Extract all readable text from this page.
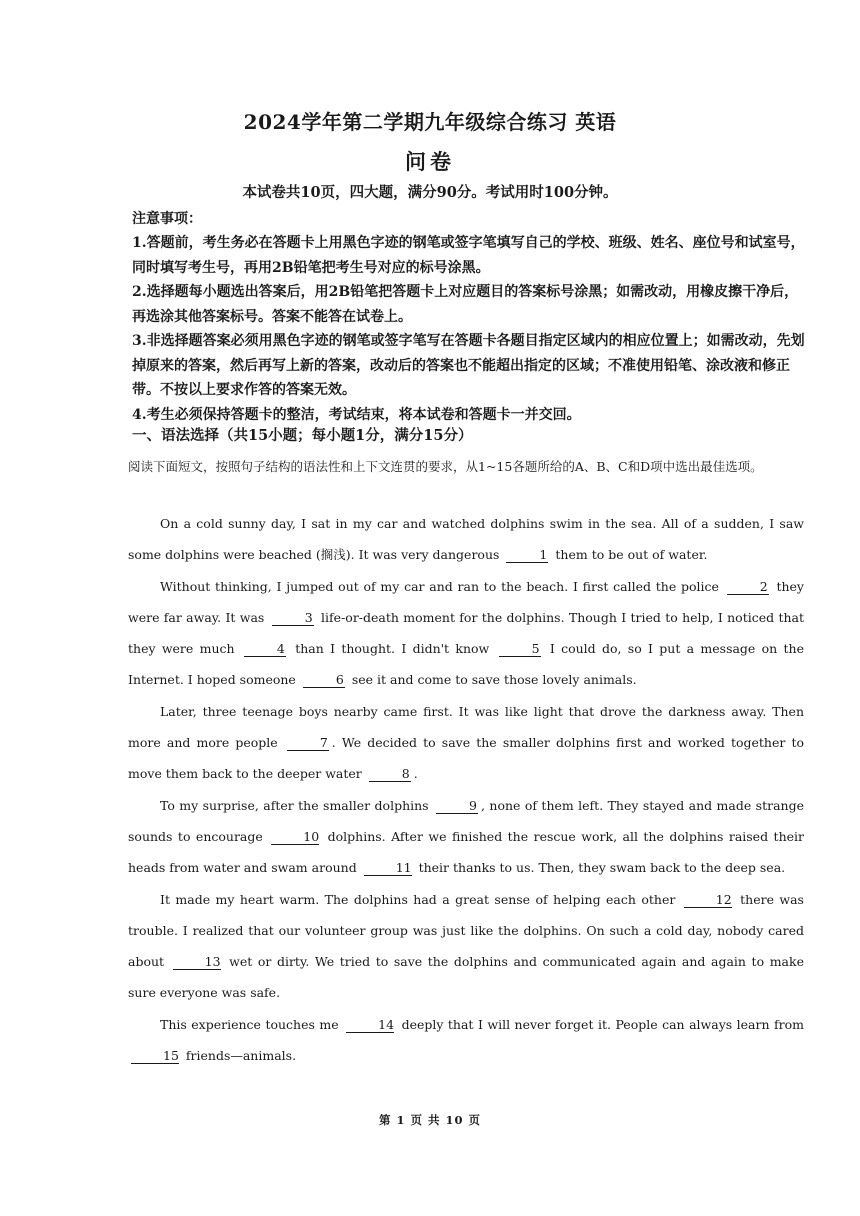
2024学年第二学期九年级综合练习 英语
问卷
本试卷共10页，四大题，满分90分。考试用时100分钟。
注意事项：

1.答题前，考生务必在答题卡上用黑色字迹的钢笔或签字笔填写自己的学校、班级、姓名、座位号和试室号，同时填写考生号，再用2B铅笔把考生号对应的标号涂黑。

2.选择题每小题选出答案后，用2B铅笔把答题卡上对应题目的答案标号涂黑；如需改动，用橡皮擦干净后，再选涂其他答案标号。答案不能答在试卷上。

3.非选择题答案必须用黑色字迹的钢笔或签字笔写在答题卡各题目指定区域内的相应位置上；如需改动，先划掉原来的答案，然后再写上新的答案，改动后的答案也不能超出指定的区域；不准使用铅笔、涂改液和修正带。不按以上要求作答的答案无效。

4.考生必须保持答题卡的整洁，考试结束，将本试卷和答题卡一并交回。

一、语法选择（共15小题；每小题1分，满分15分）
阅读下面短文，按照句子结构的语法性和上下文连贯的要求，从1~15各题所给的A、B、C和D项中选出最佳选项。

On a cold sunny day, I sat in my car and watched dolphins swim in the sea. All of a sudden, I saw some dolphins were beached (搁浅). It was very dangerous	1 them to be out of water.

Without thinking, I jumped out of my car and ran to the beach. I first called the police	2 they were far away. It was	3 life-or-death moment for the dolphins. Though I tried to help, I noticed that they were much	4 than I thought. I didn't know	5 I could do, so I put a message on the Internet. I hoped someone	6 see it and come to save those lovely animals.

Later, three teenage boys nearby came first. It was like light that drove the darkness away. Then more and more people	7 . We decided to save the smaller dolphins first and worked together to move them back to the deeper water	8 .

To my surprise, after the smaller dolphins	9 , none of them left. They stayed and made strange sounds to encourage	10 dolphins. After we finished the rescue work, all the dolphins raised their heads from water and swam around	11 their thanks to us. Then, they swam back to the deep sea.

It made my heart warm. The dolphins had a great sense of helping each other	12 there was trouble. I realized that our volunteer group was just like the dolphins. On such a cold day, nobody cared about	13 wet or dirty. We tried to save the dolphins and communicated again and again to make sure everyone was safe.

This experience touches me	14 deeply that I will never forget it. People can always learn from 15 friends—animals.

第 1 页 共 10 页
